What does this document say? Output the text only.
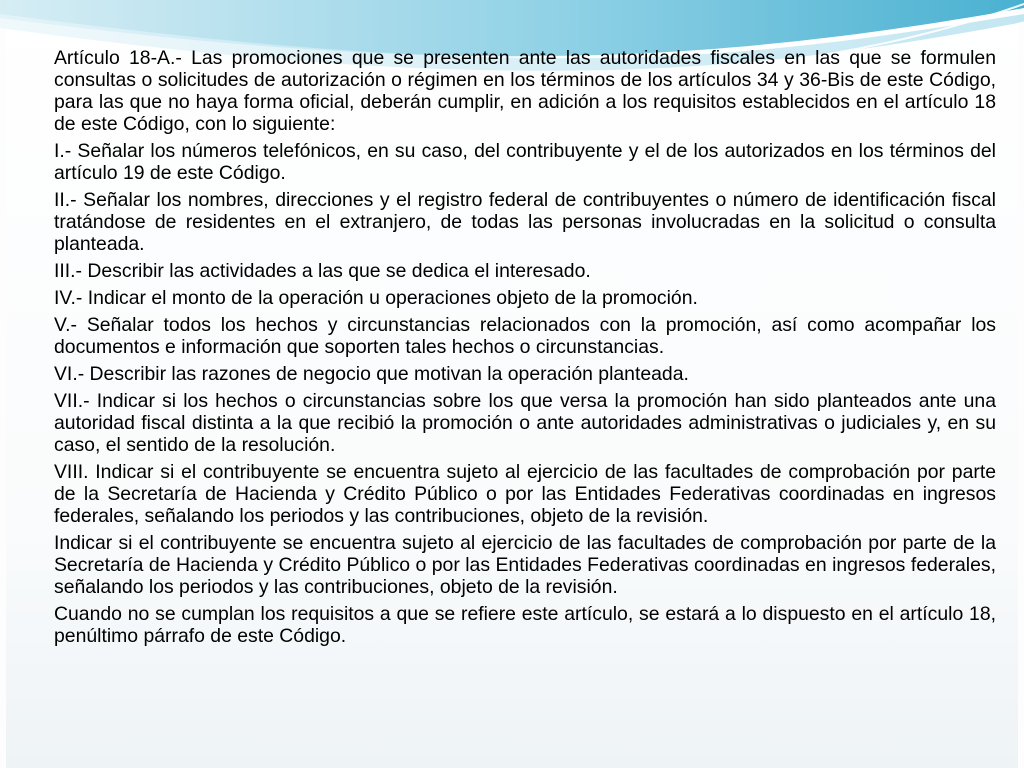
Artículo 18-A.- Las promociones que se presenten ante las autoridades fiscales en las que se formulen consultas o solicitudes de autorización o régimen en los términos de los artículos 34 y 36-Bis de este Código, para las que no haya forma oficial, deberán cumplir, en adición a los requisitos establecidos en el artículo 18 de este Código, con lo siguiente:

I.- Señalar los números telefónicos, en su caso, del contribuyente y el de los autorizados en los términos del artículo 19 de este Código.

II.- Señalar los nombres, direcciones y el registro federal de contribuyentes o número de identificación fiscal tratándose de residentes en el extranjero, de todas las personas involucradas en la solicitud o consulta planteada.

III.- Describir las actividades a las que se dedica el interesado.

IV.- Indicar el monto de la operación u operaciones objeto de la promoción.

V.- Señalar todos los hechos y circunstancias relacionados con la promoción, así como acompañar los documentos e información que soporten tales hechos o circunstancias.

VI.- Describir las razones de negocio que motivan la operación planteada.

VII.- Indicar si los hechos o circunstancias sobre los que versa la promoción han sido planteados ante una autoridad fiscal distinta a la que recibió la promoción o ante autoridades administrativas o judiciales y, en su caso, el sentido de la resolución.

VIII. Indicar si el contribuyente se encuentra sujeto al ejercicio de las facultades de comprobación por parte de la Secretaría de Hacienda y Crédito Público o por las Entidades Federativas coordinadas en ingresos federales, señalando los periodos y las contribuciones, objeto de la revisión.

Indicar si el contribuyente se encuentra sujeto al ejercicio de las facultades de comprobación por parte de la Secretaría de Hacienda y Crédito Público o por las Entidades Federativas coordinadas en ingresos federales, señalando los periodos y las contribuciones, objeto de la revisión.

Cuando no se cumplan los requisitos a que se refiere este artículo, se estará a lo dispuesto en el artículo 18, penúltimo párrafo de este Código.
